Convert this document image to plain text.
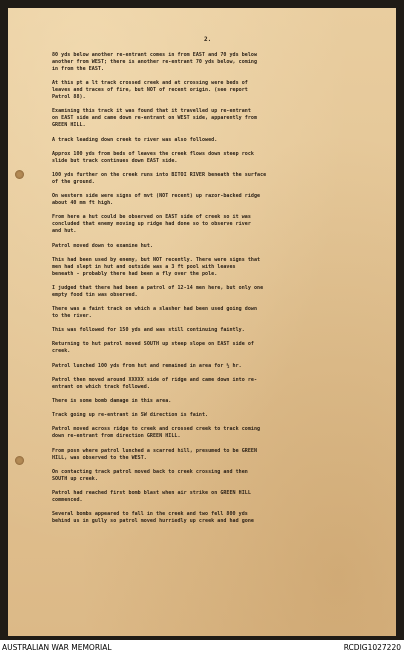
2.
80 yds below another re-entrant comes in from EAST and 70 yds below
another from WEST; there is another re-entrant 70 yds below, coming
in from the EAST.
At this pt a lt track crossed creek and at crossing were beds of
leaves and traces of fire, but NOT of recent origin. (see report
Patrol 88).
Examining this track it was found that it travelled up re-entrant
on EAST side and came down re-entrant on WEST side, apparently from
GREEN HILL.
A track leading down creek to river was also followed.
Approx 100 yds from beds of leaves the creek flows down steep rock
slide but track continues down EAST side.
100 yds further on the creek runs into BITOI RIVER beneath the surface
of the ground.
On western side were signs of mvt (NOT recent) up razor-backed ridge
about 40 mm ft high.
From here a hut could be observed on EAST side of creek so it was
concluded that enemy moving up ridge had done so to observe river
and hut.
Patrol moved down to examine hut.
This had been used by enemy, but NOT recently. There were signs that
men had slept in hut and outside was a 3 ft pool with leaves
beneath - probably there had been a fly over the pole.
I judged that there had been a patrol of 12-14 men here, but only one
empty food tin was observed.
There was a faint track on which a slasher had been used going down
to the river.
This was followed for 150 yds and was still continuing faintly.
Returning to hut patrol moved SOUTH up steep slope on EAST side of
creek.
Patrol lunched 100 yds from hut and remained in area for ½ hr.
Patrol then moved around XXXXX side of ridge and came down into re-
entrant on which track followed.
There is some bomb damage in this area.
Track going up re-entrant in SW direction is faint.
Patrol moved across ridge to creek and crossed creek to track coming
down re-entrant from direction GREEN HILL.
From posn where patrol lunched a scarred hill, presumed to be GREEN
HILL, was observed to the WEST.
On contacting track patrol moved back to creek crossing and then
SOUTH up creek.
Patrol had reached first bomb blast when air strike on GREEN HILL
commenced.
Several bombs appeared to fall in the creek and two fell 800 yds
behind us in gully so patrol moved hurriedly up creek and had gone
AUSTRALIAN WAR MEMORIAL	RCDIG1027220
